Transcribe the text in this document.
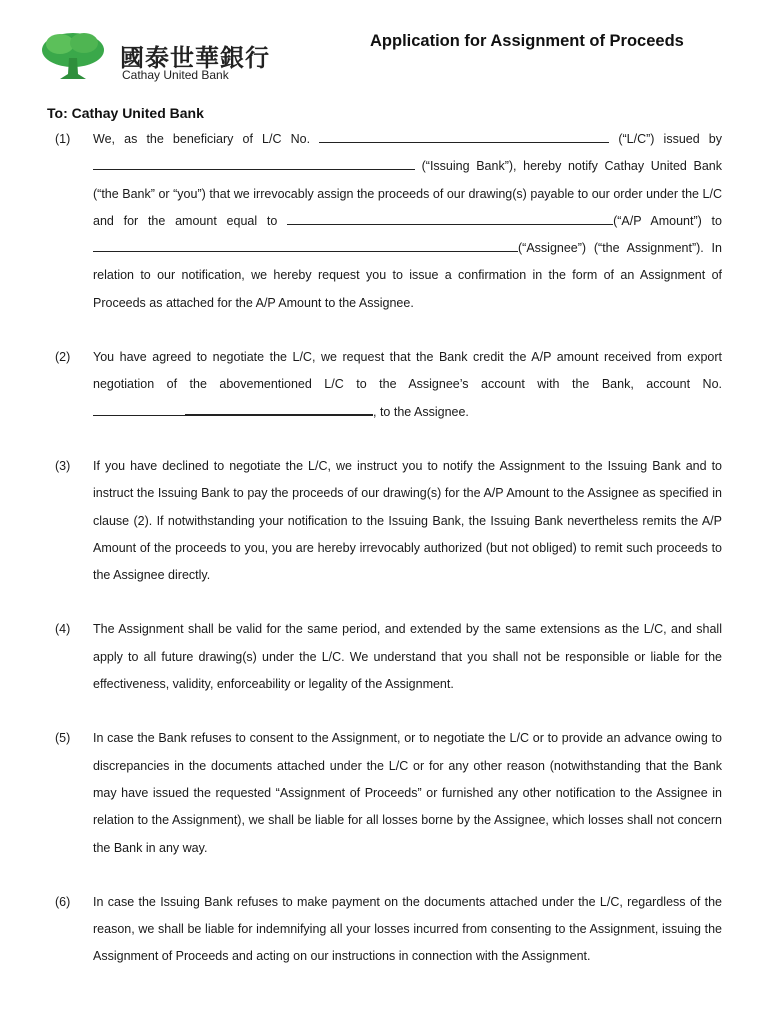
國泰世華銀行
Cathay United Bank
Application for Assignment of Proceeds
To: Cathay United Bank
(1) We, as the beneficiary of L/C No.	(“L/C”) issued by  (“Issuing Bank”), hereby notify Cathay United Bank (“the Bank” or “you”) that we irrevocably assign the proceeds of our drawing(s) payable to our order under the L/C and for the amount equal to	(“A/P Amount”) to (“Assignee”) (“the Assignment”). In relation to our notification, we hereby request you to issue a confirmation in the form of an Assignment of Proceeds as attached for the A/P Amount to the Assignee.
(2) You have agreed to negotiate the L/C, we request that the Bank credit the A/P amount received from export negotiation of the abovementioned L/C to the Assignee’s account with the Bank, account No. , to the Assignee.
(3) If you have declined to negotiate the L/C, we instruct you to notify the Assignment to the Issuing Bank and to instruct the Issuing Bank to pay the proceeds of our drawing(s) for the A/P Amount to the Assignee as specified in clause (2). If notwithstanding your notification to the Issuing Bank, the Issuing Bank nevertheless remits the A/P Amount of the proceeds to you, you are hereby irrevocably authorized (but not obliged) to remit such proceeds to the Assignee directly.
(4) The Assignment shall be valid for the same period, and extended by the same extensions as the L/C, and shall apply to all future drawing(s) under the L/C. We understand that you shall not be responsible or liable for the effectiveness, validity, enforceability or legality of the Assignment.
(5) In case the Bank refuses to consent to the Assignment, or to negotiate the L/C or to provide an advance owing to discrepancies in the documents attached under the L/C or for any other reason (notwithstanding that the Bank may have issued the requested “Assignment of Proceeds” or furnished any other notification to the Assignee in relation to the Assignment), we shall be liable for all losses borne by the Assignee, which losses shall not concern the Bank in any way.
(6) In case the Issuing Bank refuses to make payment on the documents attached under the L/C, regardless of the reason, we shall be liable for indemnifying all your losses incurred from consenting to the Assignment, issuing the Assignment of Proceeds and acting on our instructions in connection with the Assignment.
